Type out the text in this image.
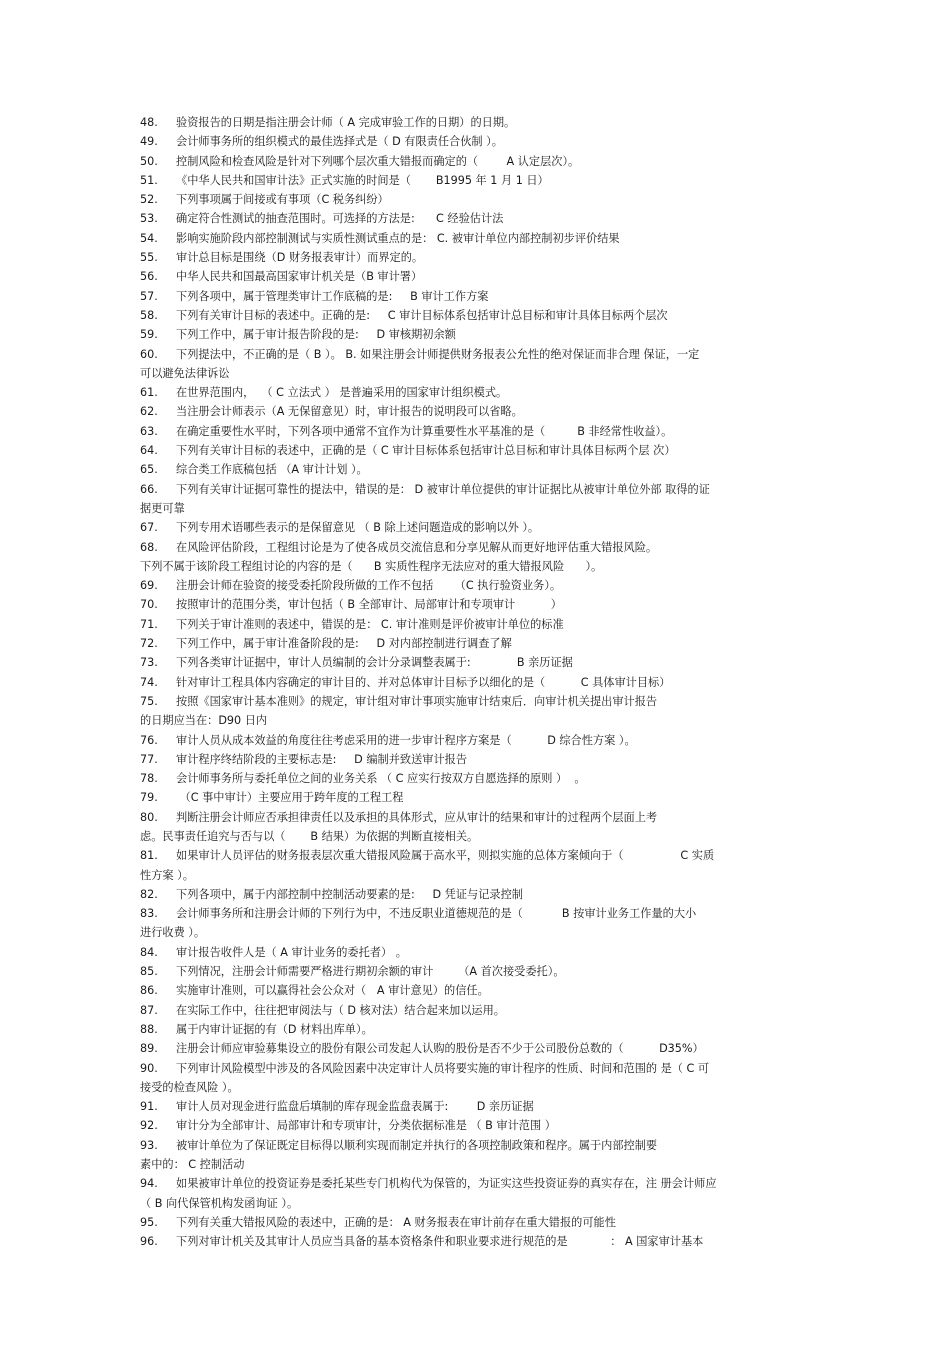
48. 验资报告的日期是指注册会计师（ A 完成审验工作的日期）的日期。
49. 会计师事务所的组织模式的最佳选择式是（ D 有限责任合伙制 ）。
50. 控制风险和检查风险是针对下列哪个层次重大错报而确定的（        A 认定层次）。
51. 《中华人民共和国审计法》正式实施的时间是（       B1995 年 1 月 1 日）
52. 下列事项属于间接或有事项（C 税务纠纷）
53. 确定符合性测试的抽查范围时。可选择的方法是:      C 经验估计法
54. 影响实施阶段内部控制测试与实质性测试重点的是： C. 被审计单位内部控制初步评价结果
55. 审计总目标是围绕（D 财务报表审计）而界定的。
56. 中华人民共和国最高国家审计机关是（B 审计署）
57. 下列各项中，属于管理类审计工作底稿的是:     B 审计工作方案
58. 下列有关审计目标的表述中。正确的是:     C 审计目标体系包括审计总目标和审计具体目标两个层次
59. 下列工作中，属于审计报告阶段的是:     D 审核期初余额
60. 下列提法中，不正确的是（ B ）。 B. 如果注册会计师提供财务报表公允性的绝对保证而非合理 保证，一定
可以避免法律诉讼
61. 在世界范围内，  （ C 立法式 ） 是普遍采用的国家审计组织模式。
62. 当注册会计师表示（A 无保留意见）时，审计报告的说明段可以省略。
63. 在确定重要性水平时，下列各项中通常不宜作为计算重要性水平基准的是（         B 非经常性收益）。
64. 下列有关审计目标的表述中，正确的是（ C 审计目标体系包括审计总目标和审计具体目标两个层 次）
65. 综合类工作底稿包括 （A 审计计划 ）。
66. 下列有关审计证据可靠性的提法中，错误的是： D 被审计单位提供的审计证据比从被审计单位外部 取得的证
据更可靠
67. 下列专用术语哪些表示的是保留意见 （ B 除上述问题造成的影响以外 ）。
68. 在风险评估阶段，工程组讨论是为了使各成员交流信息和分享见解从而更好地评估重大错报风险。
下列不属于该阶段工程组讨论的内容的是（      B 实质性程序无法应对的重大错报风险      ）。
69. 注册会计师在验资的接受委托阶段所做的工作不包括      （C 执行验资业务）。
70. 按照审计的范围分类，审计包括（ B 全部审计、局部审计和专项审计          ）
71. 下列关于审计准则的表述中，错误的是： C. 审计准则是评价被审计单位的标准
72. 下列工作中，属于审计准备阶段的是:     D 对内部控制进行调查了解
73. 下列各类审计证据中，审计人员编制的会计分录调整表属于:             B 亲历证据
74. 针对审计工程具体内容确定的审计目的、并对总体审计目标予以细化的是（          C 具体审计目标）
75. 按照《国家审计基本准则》的规定，审计组对审计事项实施审计结束后．向审计机关提出审计报告
的日期应当在：D90 日内
76. 审计人员从成本效益的角度往往考虑采用的进一步审计程序方案是（          D 综合性方案 ）。
77. 审计程序终结阶段的主要标志是:     D 编制并致送审计报告
78. 会计师事务所与委托单位之间的业务关系 （ C 应实行按双方自愿选择的原则 ）  。
79. （C 事中审计）主要应用于跨年度的工程工程
80. 判断注册会计师应否承担律责任以及承担的具体形式，应从审计的结果和审计的过程两个层面上考
虑。民事责任追究与否与以（       B 结果）为依据的判断直接相关。
81. 如果审计人员评估的财务报表层次重大错报风险属于高水平，则拟实施的总体方案倾向于（                C 实质
性方案 ）。
82. 下列各项中，属于内部控制中控制活动要素的是:     D 凭证与记录控制
83. 会计师事务所和注册会计师的下列行为中，不违反职业道德规范的是（           B 按审计业务工作量的大小
进行收费 ）。
84. 审计报告收件人是（ A 审计业务的委托者） 。
85. 下列情况，注册会计师需要严格进行期初余额的审计       （A 首次接受委托）。
86. 实施审计准则，可以赢得社会公众对（   A 审计意见）的信任。
87. 在实际工作中，往往把审阅法与（ D 核对法）结合起来加以运用。
88. 属于内审计证据的有（D 材料出库单）。
89. 注册会计师应审验募集设立的股份有限公司发起人认购的股份是否不少于公司股份总数的（          D35%）
90. 下列审计风险模型中涉及的各风险因素中决定审计人员将要实施的审计程序的性质、时间和范围的 是（ C 可
接受的检查风险 ）。
91. 审计人员对现金进行监盘后填制的库存现金监盘表属于:        D 亲历证据
92. 审计分为全部审计、局部审计和专项审计，分类依据标准是 （ B 审计范围 ）
93. 被审计单位为了保证既定目标得以顺利实现而制定并执行的各项控制政策和程序。属于内部控制要
素中的： C 控制活动
94. 如果被审计单位的投资证券是委托某些专门机构代为保管的，为证实这些投资证券的真实存在，注 册会计师应
（ B 向代保管机构发函询证 ）。
95. 下列有关重大错报风险的表述中，正确的是： A 财务报表在审计前存在重大错报的可能性
96. 下列对审计机关及其审计人员应当具备的基本资格条件和职业要求进行规范的是            ： A 国家审计基本
